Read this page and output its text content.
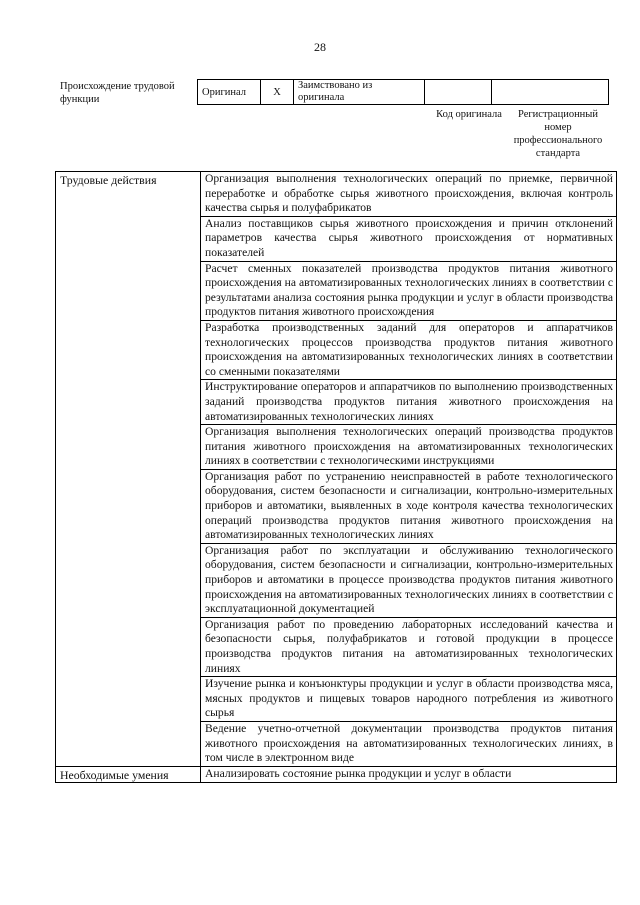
28
Происхождение трудовой функции
Оригинал	X	Заимствовано из оригинала		
Код оригинала	Регистрационный номер профессионального стандарта
Трудовые действия	Организация выполнения технологических операций по приемке, первичной переработке и обработке сырья животного происхождения, включая контроль качества сырья и полуфабрикатов
	Анализ поставщиков сырья животного происхождения и причин отклонений параметров качества сырья животного происхождения от нормативных показателей
	Расчет сменных показателей производства продуктов питания животного происхождения на автоматизированных технологических линиях в соответствии с результатами анализа состояния рынка продукции и услуг в области производства продуктов питания животного происхождения
	Разработка производственных заданий для операторов и аппаратчиков технологических процессов производства продуктов питания животного происхождения на автоматизированных технологических линиях в соответствии со сменными показателями
	Инструктирование операторов и аппаратчиков по выполнению производственных заданий производства продуктов питания животного происхождения на автоматизированных технологических линиях
	Организация выполнения технологических операций производства продуктов питания животного происхождения на автоматизированных технологических линиях в соответствии с технологическими инструкциями
	Организация работ по устранению неисправностей в работе технологического оборудования, систем безопасности и сигнализации, контрольно-измерительных приборов и автоматики, выявленных в ходе контроля качества технологических операций производства продуктов питания животного происхождения на автоматизированных технологических линиях
	Организация работ по эксплуатации и обслуживанию технологического оборудования, систем безопасности и сигнализации, контрольно-измерительных приборов и автоматики в процессе производства продуктов питания животного происхождения на автоматизированных технологических линиях в соответствии с эксплуатационной документацией
	Организация работ по проведению лабораторных исследований качества и безопасности сырья, полуфабрикатов и готовой продукции в процессе производства продуктов питания на автоматизированных технологических линиях
	Изучение рынка и конъюнктуры продукции и услуг в области производства мяса, мясных продуктов и пищевых товаров народного потребления из животного сырья
	Ведение учетно-отчетной документации производства продуктов питания животного происхождения на автоматизированных технологических линиях, в том числе в электронном виде
Необходимые умения	Анализировать состояние рынка продукции и услуг в области
